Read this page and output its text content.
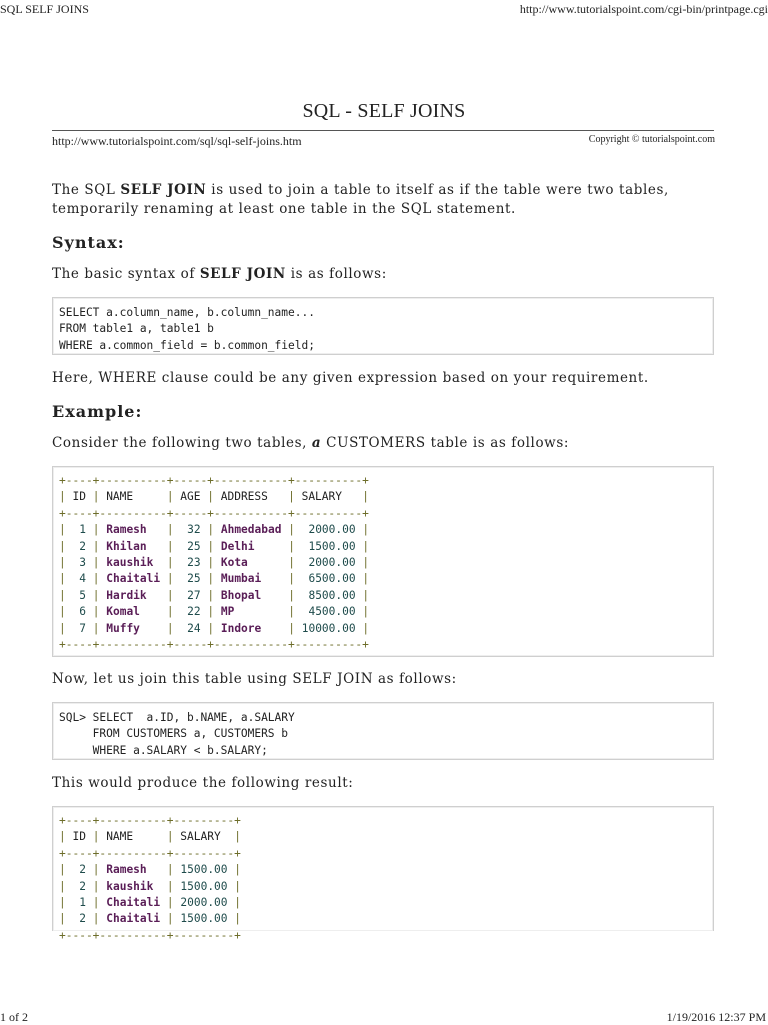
SQL SELF JOINS	http://www.tutorialspoint.com/cgi-bin/printpage.cgi
SQL - SELF JOINS
http://www.tutorialspoint.com/sql/sql-self-joins.htm	Copyright © tutorialspoint.com
The SQL SELF JOIN is used to join a table to itself as if the table were two tables,
temporarily renaming at least one table in the SQL statement.
Syntax:
The basic syntax of SELF JOIN is as follows:
SELECT a.column_name, b.column_name...
FROM table1 a, table1 b
WHERE a.common_field = b.common_field;
Here, WHERE clause could be any given expression based on your requirement.
Example:
Consider the following two tables, a CUSTOMERS table is as follows:
+----+----------+-----+-----------+----------+
| ID | NAME     | AGE | ADDRESS   | SALARY   |
+----+----------+-----+-----------+----------+
|  1 | Ramesh   |  32 | Ahmedabad |  2000.00 |
|  2 | Khilan   |  25 | Delhi     |  1500.00 |
|  3 | kaushik  |  23 | Kota      |  2000.00 |
|  4 | Chaitali |  25 | Mumbai    |  6500.00 |
|  5 | Hardik   |  27 | Bhopal    |  8500.00 |
|  6 | Komal    |  22 | MP        |  4500.00 |
|  7 | Muffy    |  24 | Indore    | 10000.00 |
+----+----------+-----+-----------+----------+
Now, let us join this table using SELF JOIN as follows:
SQL> SELECT  a.ID, b.NAME, a.SALARY
FROM CUSTOMERS a, CUSTOMERS b
WHERE a.SALARY < b.SALARY;
This would produce the following result:
+----+----------+---------+
| ID | NAME     | SALARY  |
+----+----------+---------+
|  2 | Ramesh   | 1500.00 |
|  2 | kaushik  | 1500.00 |
|  1 | Chaitali | 2000.00 |
|  2 | Chaitali | 1500.00 |
+----+----------+---------+
1 of 2	1/19/2016 12:37 PM
